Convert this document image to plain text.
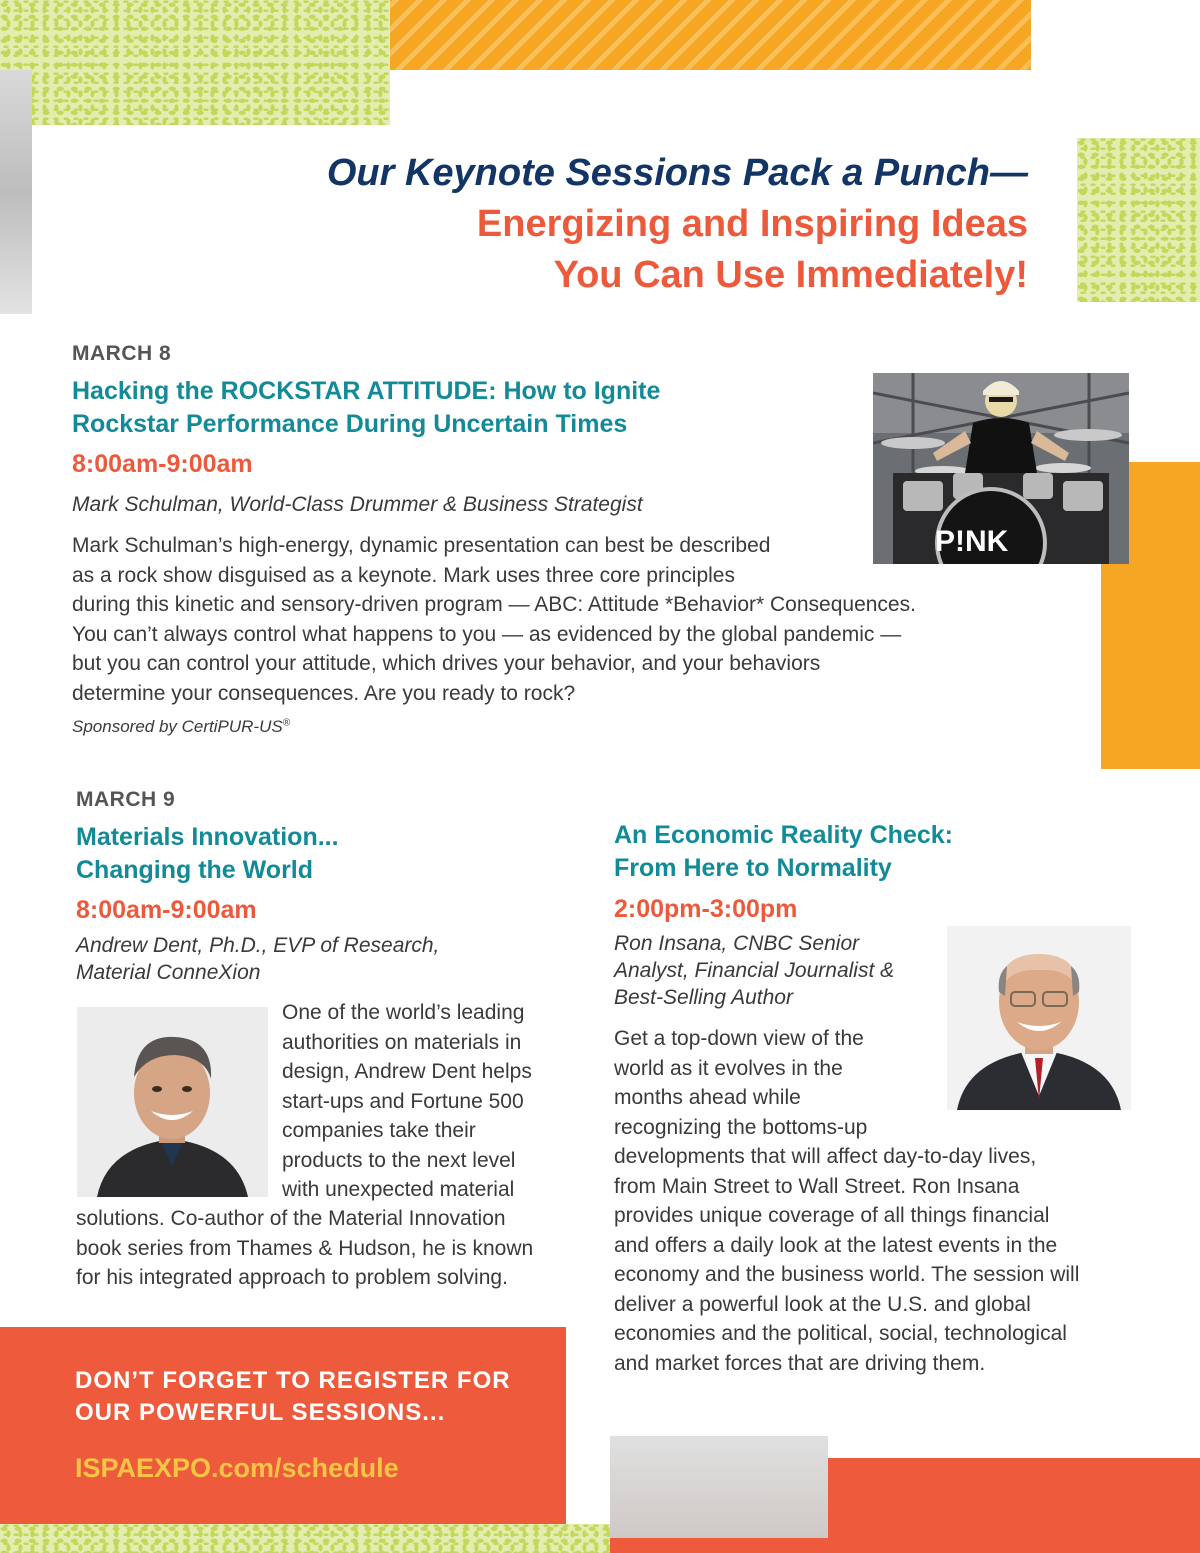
Our Keynote Sessions Pack a Punch—
Energizing and Inspiring Ideas
You Can Use Immediately!
MARCH 8
Hacking the ROCKSTAR ATTITUDE: How to Ignite
Rockstar Performance During Uncertain Times
8:00am-9:00am
Mark Schulman, World-Class Drummer & Business Strategist
Mark Schulman’s high-energy, dynamic presentation can best be described
as a rock show disguised as a keynote. Mark uses three core principles
during this kinetic and sensory-driven program — ABC: Attitude *Behavior* Consequences.
You can’t always control what happens to you — as evidenced by the global pandemic —
but you can control your attitude, which drives your behavior, and your behaviors
determine your consequences. Are you ready to rock?
Sponsored by CertiPUR-US®
P!NK
MARCH 9
Materials Innovation...
Changing the World
8:00am-9:00am
Andrew Dent, Ph.D., EVP of Research,
Material ConneXion
One of the world’s leading
authorities on materials in
design, Andrew Dent helps
start-ups and Fortune 500
companies take their
products to the next level
with unexpected material
solutions. Co-author of the Material Innovation
book series from Thames & Hudson, he is known
for his integrated approach to problem solving.
An Economic Reality Check:
From Here to Normality
2:00pm-3:00pm
Ron Insana, CNBC Senior
Analyst, Financial Journalist &
Best-Selling Author
Get a top-down view of the
world as it evolves in the
months ahead while
recognizing the bottoms-up
developments that will affect day-to-day lives,
from Main Street to Wall Street. Ron Insana
provides unique coverage of all things financial
and offers a daily look at the latest events in the
economy and the business world. The session will
deliver a powerful look at the U.S. and global
economies and the political, social, technological
and market forces that are driving them.
DON’T FORGET TO REGISTER FOR
OUR POWERFUL SESSIONS...
ISPAEXPO.com/schedule
